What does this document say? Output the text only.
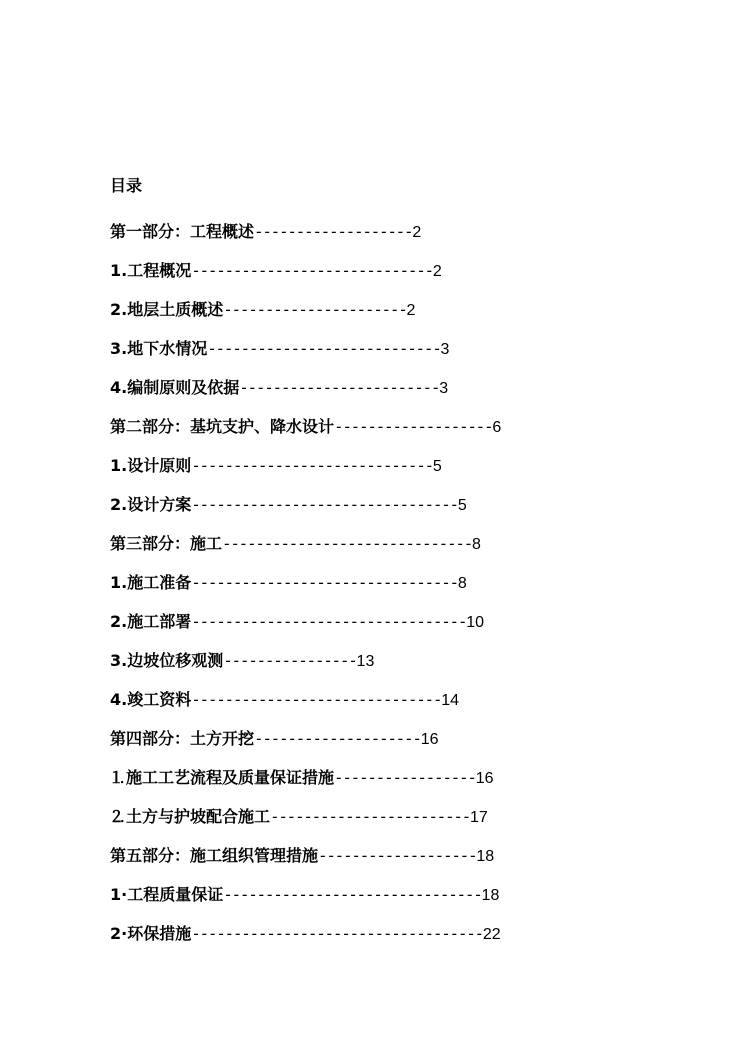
目录
第一部分：工程概述-------------------2
1.工程概况-----------------------------2
2.地层土质概述----------------------2
3.地下水情况----------------------------3
4.编制原则及依据------------------------3
第二部分：基坑支护、降水设计-------------------6
1.设计原则-----------------------------5
2.设计方案--------------------------------5
第三部分：施工------------------------------8
1.施工准备--------------------------------8
2.施工部署---------------------------------10
3.边坡位移观测----------------13
4.竣工资料------------------------------14
第四部分：土方开挖--------------------16
⒈施工工艺流程及质量保证措施-----------------16
⒉土方与护坡配合施工------------------------17
第五部分：施工组织管理措施-------------------18
1·工程质量保证-------------------------------18
2·环保措施-----------------------------------22
